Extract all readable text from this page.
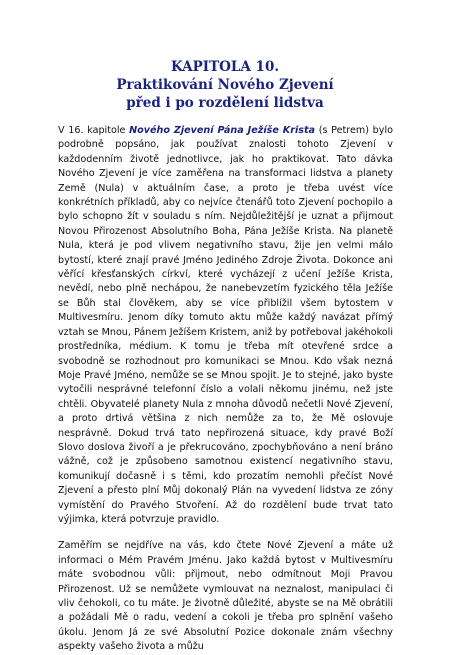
KAPITOLA 10.
Praktikování Nového Zjevení
před i po rozdělení lidstva

V 16. kapitole Nového Zjevení Pána Ježíše Krista (s Petrem) bylo podrobně popsáno, jak používat znalosti tohoto Zjevení v každodenním životě jednotlivce, jak ho praktikovat. Tato dávka Nového Zjevení je více zaměřena na transformaci lidstva a planety Země (Nula) v aktuálním čase, a proto je třeba uvést více konkrétních příkladů, aby co nejvíce čtenářů toto Zjevení pochopilo a bylo schopno žít v souladu s ním. Nejdůležitější je uznat a přijmout Novou Přirozenost Absolutního Boha, Pána Ježíše Krista. Na planetě Nula, která je pod vlivem negativního stavu, žije jen velmi málo bytostí, které znají pravé Jméno Jediného Zdroje Života. Dokonce ani věřící křesťanských církví, které vycházejí z učení Ježíše Krista, nevědí, nebo plně nechápou, že nanebevzetím fyzického těla Ježíše se Bůh stal člověkem, aby se více přiblížil všem bytostem v Multivesmíru. Jenom díky tomuto aktu může každý navázat přímý vztah se Mnou, Pánem Ježíšem Kristem, aniž by potřeboval jakéhokoli prostředníka, médium. K tomu je třeba mít otevřené srdce a svobodně se rozhodnout pro komunikaci se Mnou. Kdo však nezná Moje Pravé Jméno, nemůže se se Mnou spojit. Je to stejné, jako byste vytočili nesprávné telefonní číslo a volali někomu jinému, než jste chtěli. Obyvatelé planety Nula z mnoha důvodů nečetli Nové Zjevení, a proto drtivá většina z nich nemůže za to, že Mě oslovuje nesprávně. Dokud trvá tato nepřirozená situace, kdy pravé Boží Slovo doslova živoří a je překrucováno, zpochybňováno a není bráno vážně, což je způsobeno samotnou existencí negativního stavu, komunikují dočasně i s těmi, kdo prozatím nemohli přečíst Nové Zjevení a přesto plní Můj dokonalý Plán na vyvedení lidstva ze zóny vymístění do Pravého Stvoření. Až do rozdělení bude trvat tato výjimka, která potvrzuje pravidlo.

Zaměřím se nejdříve na vás, kdo čtete Nové Zjevení a máte už informaci o Mém Pravém Jménu. Jako každá bytost v Multivesmíru máte svobodnou vůli: přijmout, nebo odmítnout Moji Pravou Přirozenost. Už se nemůžete vymlouvat na neznalost, manipulaci či vliv čehokoli, co tu máte. Je životně důležité, abyste se na Mě obrátili a požádali Mě o radu, vedení a cokoli je třeba pro splnění vašeho úkolu. Jenom Já ze své Absolutní Pozice dokonale znám všechny aspekty vašeho života a můžu
